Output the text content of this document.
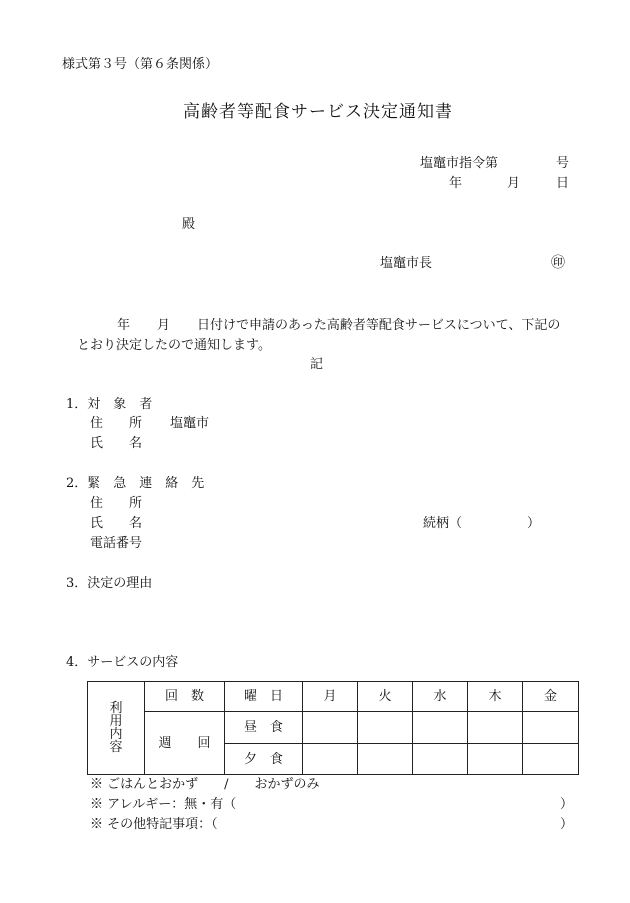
様式第３号（第６条関係）
高齢者等配食サービス決定通知書
塩竈市指令第	号
年	月	日
殿
塩竈市長	㊞
年 月 日付けで申請のあった高齢者等配食サービスについて、下記の
とおり決定したので通知します。
記
1．対　象　者
住　　所 塩竈市
氏　　名
2．緊　急　連　絡　先
住　　所
氏　　名	続柄（　　　　　）
電話番号
3．決定の理由
4．サービスの内容
利
用
内
容	回　数	曜　日	月	火	水	木	金
	週　　回	昼　食					
		夕　食					
※ ごはんとおかず　　/　　おかずのみ
※ アレルギー：無・有（	）
※ その他特記事項：（	）
